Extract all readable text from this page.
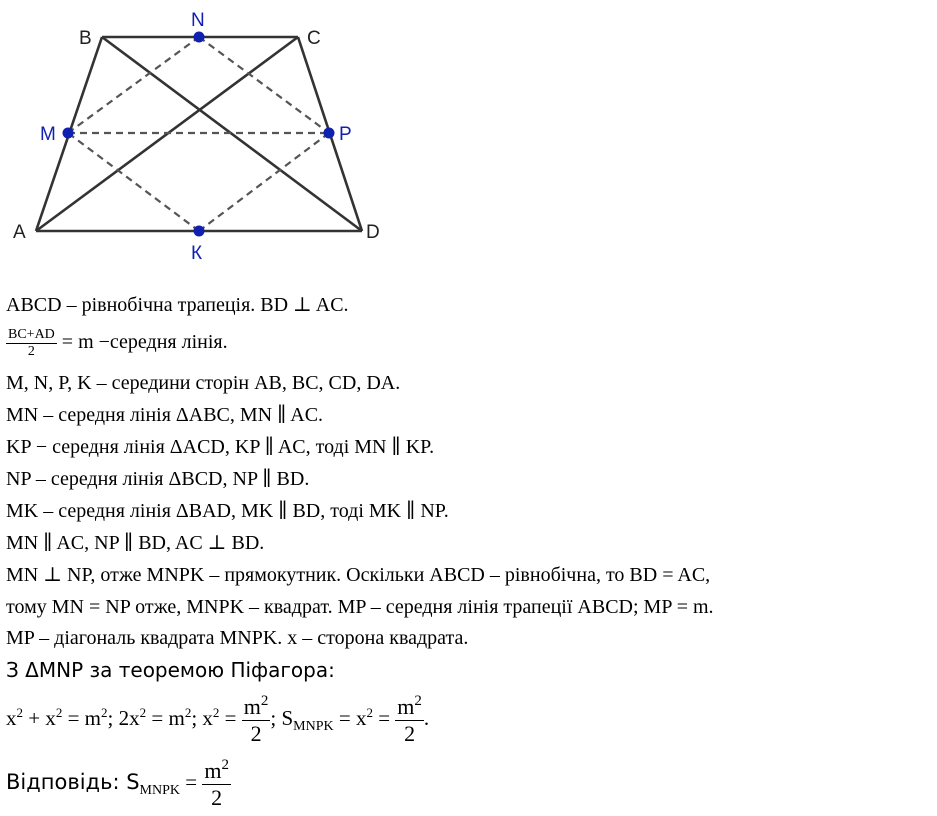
A
B	C
D
M
N
P
К
ABCD – рівнобічна трапеція. BD ⊥ AC.
$\frac{BC+AD}{2} = m$ −середня лінія.
M, N, P, K – середини сторін AB, BC, CD, DA.
MN – середня лінія ΔABC, MN ∥ AC.
KP − середня лінія ΔACD, KP ∥ AC, тоді MN ∥ KP.
NP – середня лінія ΔBCD, NP ∥ BD.
MK – середня лінія ΔBAD, MK ∥ BD, тоді MK ∥ NP.
MN ∥ AC, NP ∥ BD, AC ⊥ BD.
MN ⊥ NP, отже MNPK – прямокутник. Оскільки ABCD – рівнобічна, то BD = AC,
тому MN = NP отже, MNPK – квадрат. MP – середня лінія трапеції ABCD; MP = m.
MP – діагональ квадрата MNPK. x – сторона квадрата.
З ΔMNP за теоремою Піфагора:
$x^2 + x^2 = m^2$; $2x^2 = m^2$; $x^2 = \frac{m^2}{2}$ ; $S_{MNPK} = x^2 = \frac{m^2}{2}$ .
Відповідь: $S_{MNPK} = \frac{m^2}{2}$
